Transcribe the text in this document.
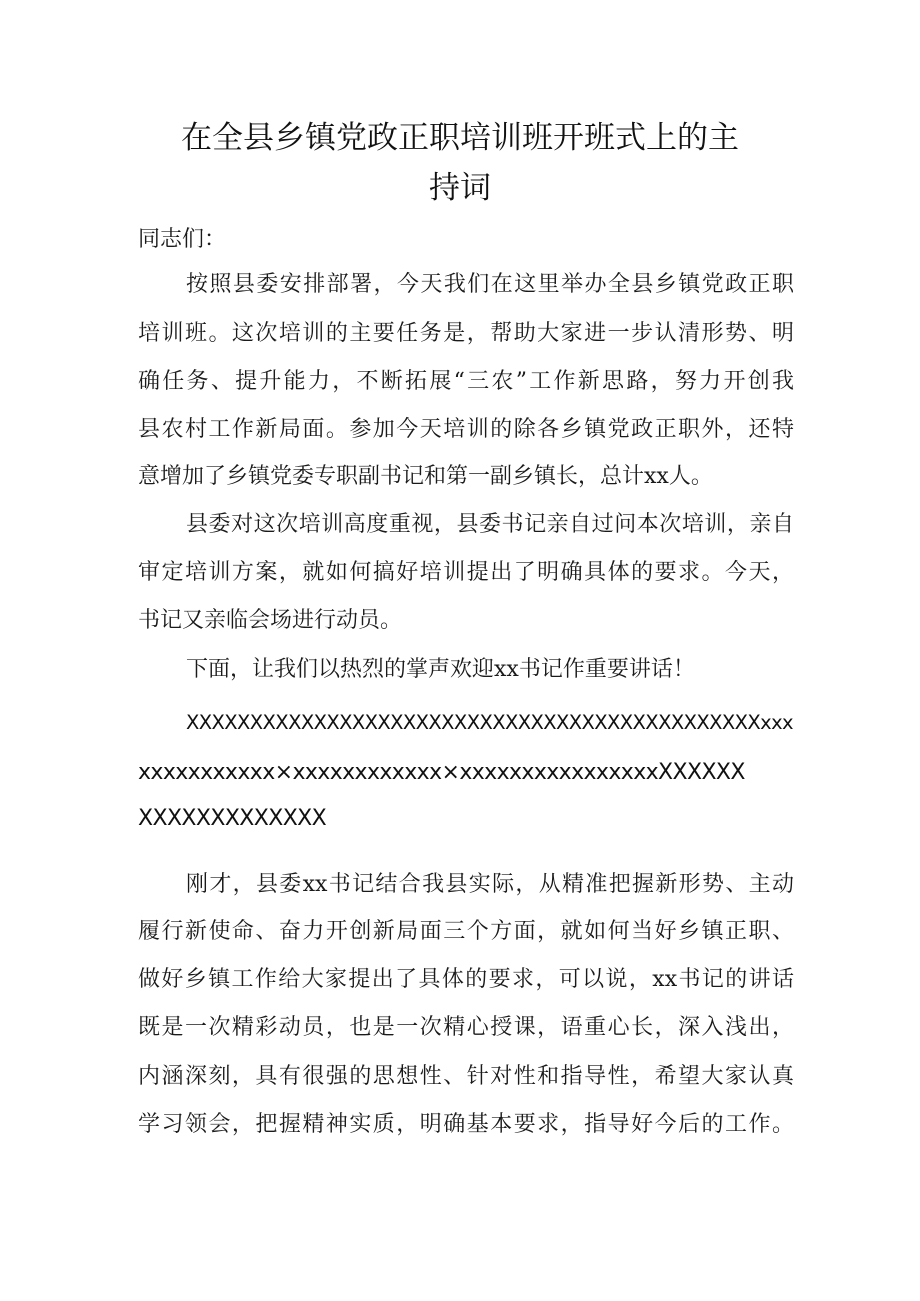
在全县乡镇党政正职培训班开班式上的主
持词

同志们：

按照县委安排部署，今天我们在这里举办全县乡镇党政正职

培训班。这次培训的主要任务是，帮助大家进一步认清形势、明

确任务、提升能力，不断拓展“三农”工作新思路，努力开创我

县农村工作新局面。参加今天培训的除各乡镇党政正职外，还特

意增加了乡镇党委专职副书记和第一副乡镇长，总计xx人。

县委对这次培训高度重视，县委书记亲自过问本次培训，亲自

审定培训方案，就如何搞好培训提出了明确具体的要求。今天，

书记又亲临会场进行动员。

下面，让我们以热烈的掌声欢迎xx书记作重要讲话！

XXXXXXXXXXXXXXXXXXXXXXXXXXXXXXXXXXXXXXXXXXXXXxxx

xxxxxxxxxxx×xxxxxxxxxxxx×xxxxxxxxxxxxxxxxXXXXXX

XXXXXXXXXXXXX

刚才，县委xx书记结合我县实际，从精准把握新形势、主动

履行新使命、奋力开创新局面三个方面，就如何当好乡镇正职、

做好乡镇工作给大家提出了具体的要求，可以说，xx书记的讲话

既是一次精彩动员，也是一次精心授课，语重心长，深入浅出，

内涵深刻，具有很强的思想性、针对性和指导性，希望大家认真

学习领会，把握精神实质，明确基本要求，指导好今后的工作。
